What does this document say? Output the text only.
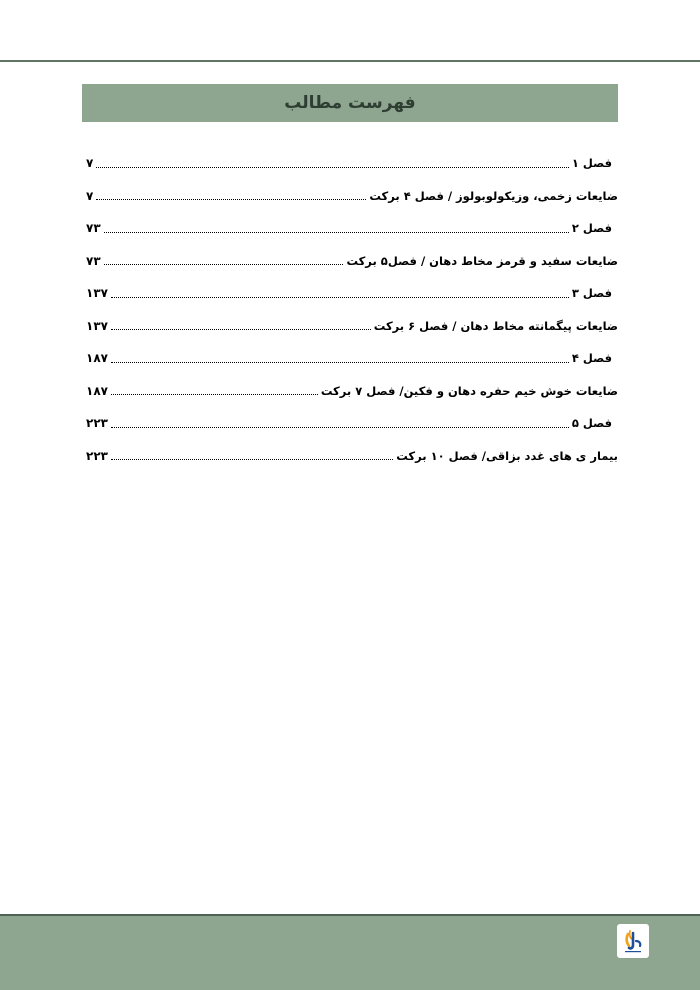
فهرست مطالب
فصل ۱
۷
ضایعات زخمی، وزیکولوبولوز / فصل ۴ برکت
۷
فصل ۲
۷۳
ضایعات سفید و قرمز مخاط دهان / فصل۵ برکت
۷۳
فصل ۳
۱۳۷
ضایعات پیگمانته مخاط دهان / فصل ۶ برکت
۱۳۷
فصل ۴
۱۸۷
ضایعات خوش خیم حفره دهان و فکین/ فصل ۷ برکت
۱۸۷
فصل ۵
۲۲۳
بیمار ی های غدد بزاقی/ فصل ۱۰ برکت
۲۲۳
